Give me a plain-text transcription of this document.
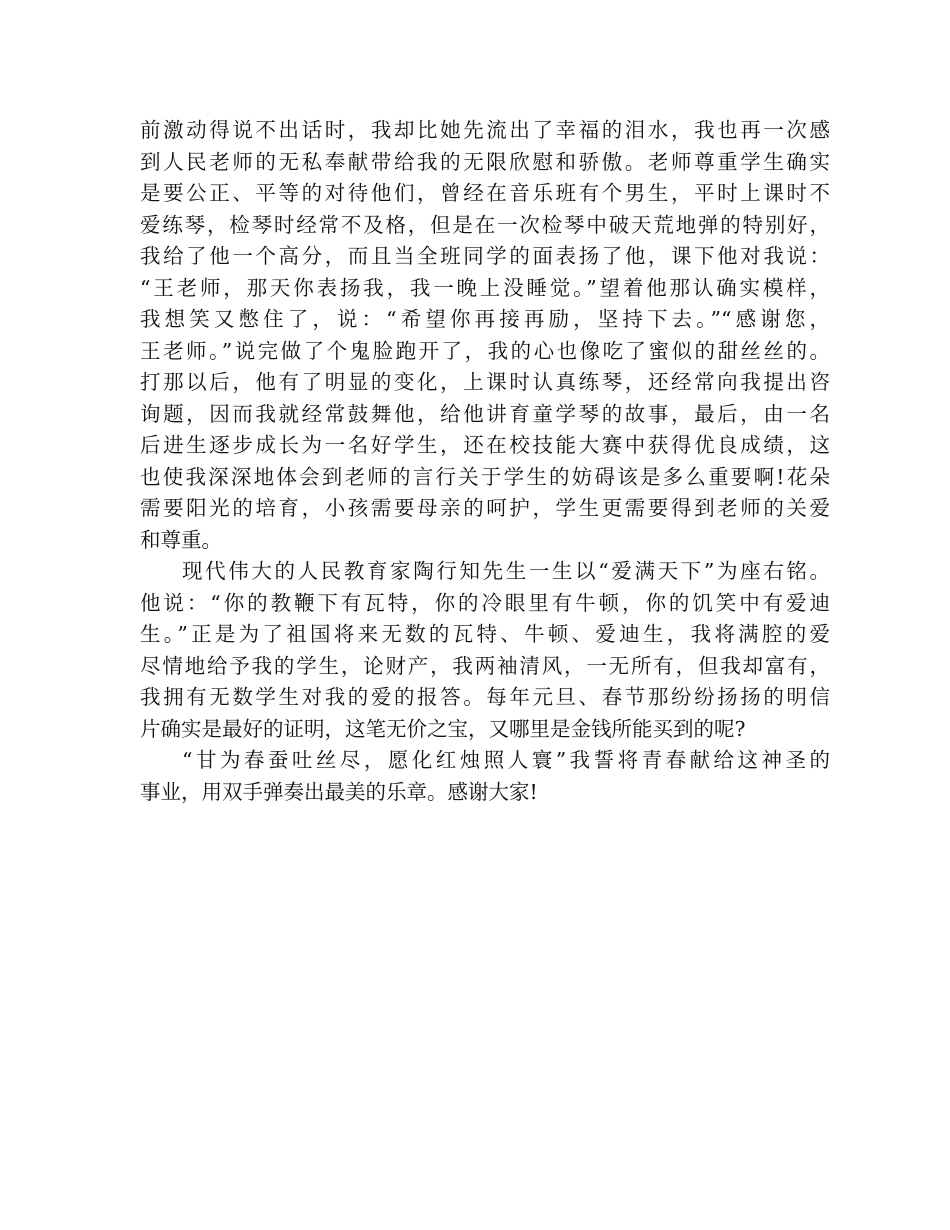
前激动得说不出话时，我却比她先流出了幸福的泪水，我也再一次感
到人民老师的无私奉献带给我的无限欣慰和骄傲。老师尊重学生确实
是要公正、平等的对待他们，曾经在音乐班有个男生，平时上课时不
爱练琴，检琴时经常不及格，但是在一次检琴中破天荒地弹的特别好，
我给了他一个高分，而且当全班同学的面表扬了他，课下他对我说：
“王老师，那天你表扬我，我一晚上没睡觉。”望着他那认确实模样，
我想笑又憋住了，说：“希望你再接再励，坚持下去。”“感谢您，
王老师。”说完做了个鬼脸跑开了，我的心也像吃了蜜似的甜丝丝的。
打那以后，他有了明显的变化，上课时认真练琴，还经常向我提出咨
询题，因而我就经常鼓舞他，给他讲育童学琴的故事，最后，由一名
后进生逐步成长为一名好学生，还在校技能大赛中获得优良成绩，这
也使我深深地体会到老师的言行关于学生的妨碍该是多么重要啊!花朵
需要阳光的培育，小孩需要母亲的呵护，学生更需要得到老师的关爱
和尊重。
现代伟大的人民教育家陶行知先生一生以“爱满天下”为座右铭。
他说：“你的教鞭下有瓦特，你的冷眼里有牛顿，你的饥笑中有爱迪
生。”正是为了祖国将来无数的瓦特、牛顿、爱迪生，我将满腔的爱
尽情地给予我的学生，论财产，我两袖清风，一无所有，但我却富有，
我拥有无数学生对我的爱的报答。每年元旦、春节那纷纷扬扬的明信
片确实是最好的证明，这笔无价之宝，又哪里是金钱所能买到的呢?
“甘为春蚕吐丝尽，愿化红烛照人寰”我誓将青春献给这神圣的
事业，用双手弹奏出最美的乐章。感谢大家!
